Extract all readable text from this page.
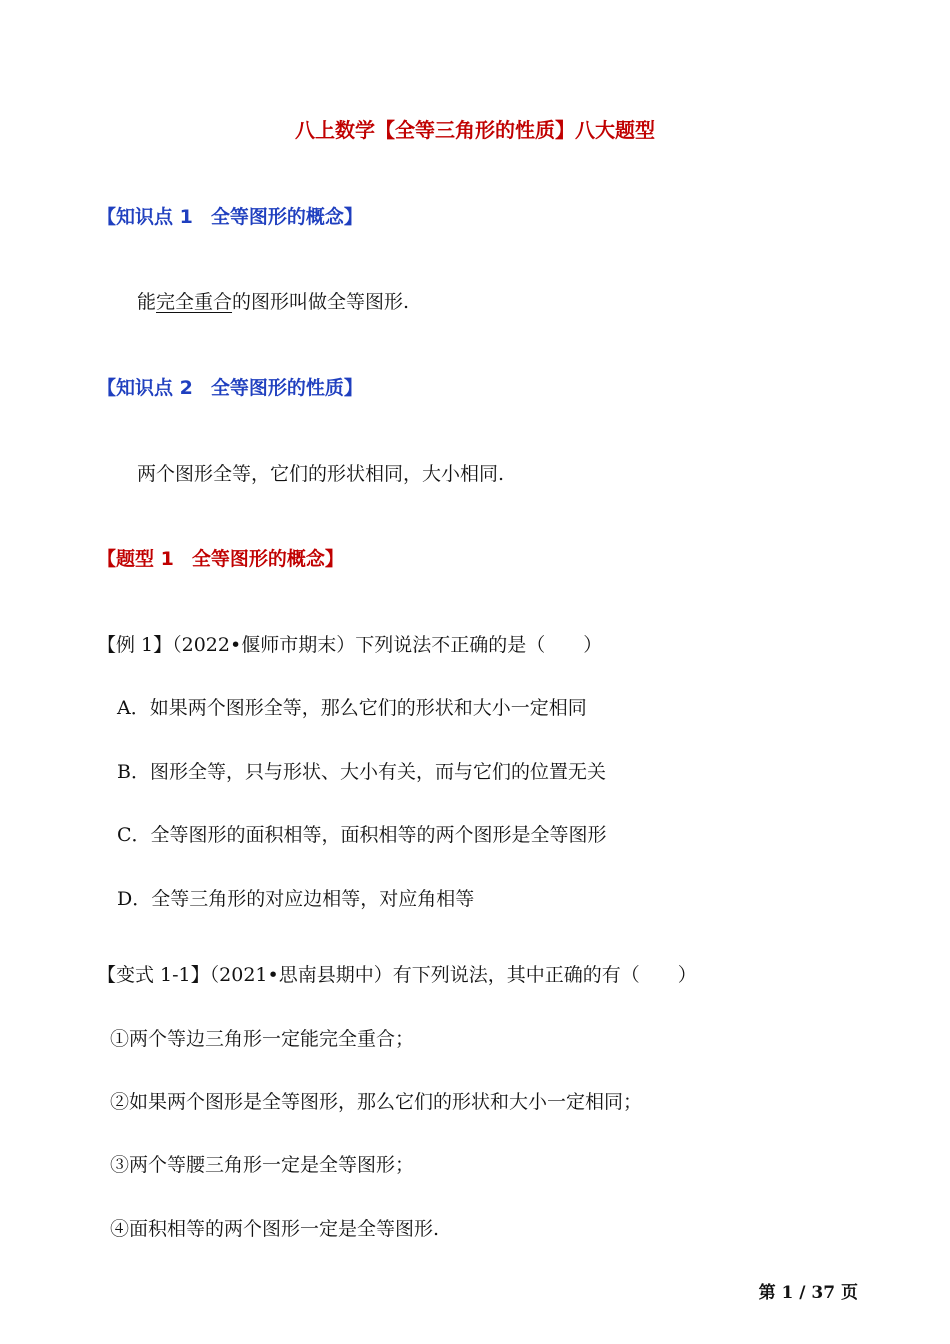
八上数学【全等三角形的性质】八大题型
【知识点 1 全等图形的概念】
能完全重合的图形叫做全等图形.
【知识点 2 全等图形的性质】
两个图形全等，它们的形状相同，大小相同.
【题型 1 全等图形的概念】
【例 1】（2022•偃师市期末）下列说法不正确的是（　　）
A．如果两个图形全等，那么它们的形状和大小一定相同
B．图形全等，只与形状、大小有关，而与它们的位置无关
C．全等图形的面积相等，面积相等的两个图形是全等图形
D．全等三角形的对应边相等，对应角相等
【变式 1-1】（2021•思南县期中）有下列说法，其中正确的有（　　）
①两个等边三角形一定能完全重合；
②如果两个图形是全等图形，那么它们的形状和大小一定相同；
③两个等腰三角形一定是全等图形；
④面积相等的两个图形一定是全等图形.
第 1 / 37 页
